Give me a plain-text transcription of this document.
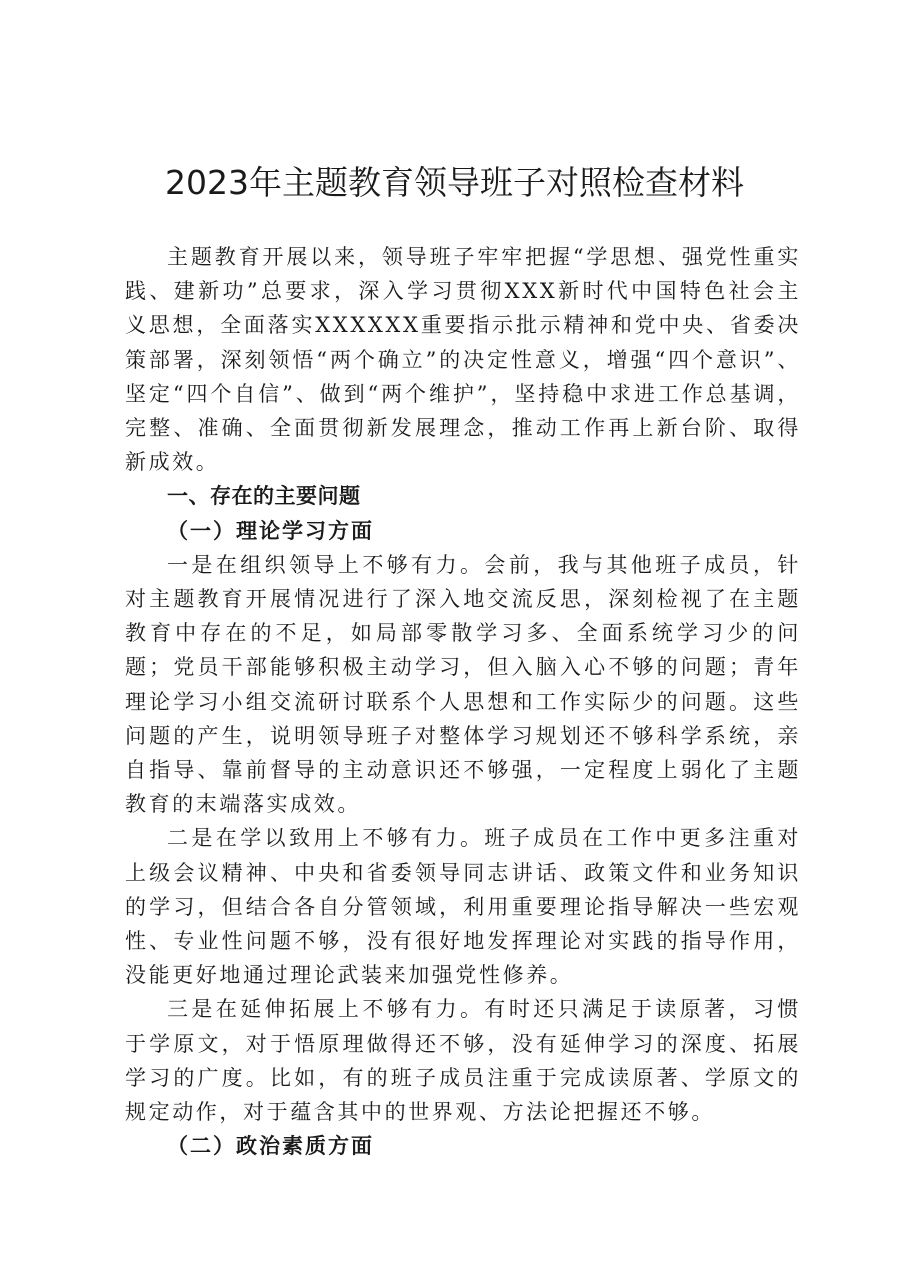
2023年主题教育领导班子对照检查材料

主题教育开展以来，领导班子牢牢把握“学思想、强党性重实践、建新功”总要求，深入学习贯彻XXX新时代中国特色社会主义思想，全面落实XXXXXX重要指示批示精神和党中央、省委决策部署，深刻领悟“两个确立”的决定性意义，增强“四个意识”、坚定“四个自信”、做到“两个维护”，坚持稳中求进工作总基调，完整、准确、全面贯彻新发展理念，推动工作再上新台阶、取得新成效。

一、存在的主要问题

（一）理论学习方面

一是在组织领导上不够有力。会前，我与其他班子成员，针对主题教育开展情况进行了深入地交流反思，深刻检视了在主题教育中存在的不足，如局部零散学习多、全面系统学习少的问题；党员干部能够积极主动学习，但入脑入心不够的问题；青年理论学习小组交流研讨联系个人思想和工作实际少的问题。这些问题的产生，说明领导班子对整体学习规划还不够科学系统，亲自指导、靠前督导的主动意识还不够强，一定程度上弱化了主题教育的末端落实成效。

二是在学以致用上不够有力。班子成员在工作中更多注重对上级会议精神、中央和省委领导同志讲话、政策文件和业务知识的学习，但结合各自分管领域，利用重要理论指导解决一些宏观性、专业性问题不够，没有很好地发挥理论对实践的指导作用，没能更好地通过理论武装来加强党性修养。

三是在延伸拓展上不够有力。有时还只满足于读原著，习惯于学原文，对于悟原理做得还不够，没有延伸学习的深度、拓展学习的广度。比如，有的班子成员注重于完成读原著、学原文的规定动作，对于蕴含其中的世界观、方法论把握还不够。

（二）政治素质方面
